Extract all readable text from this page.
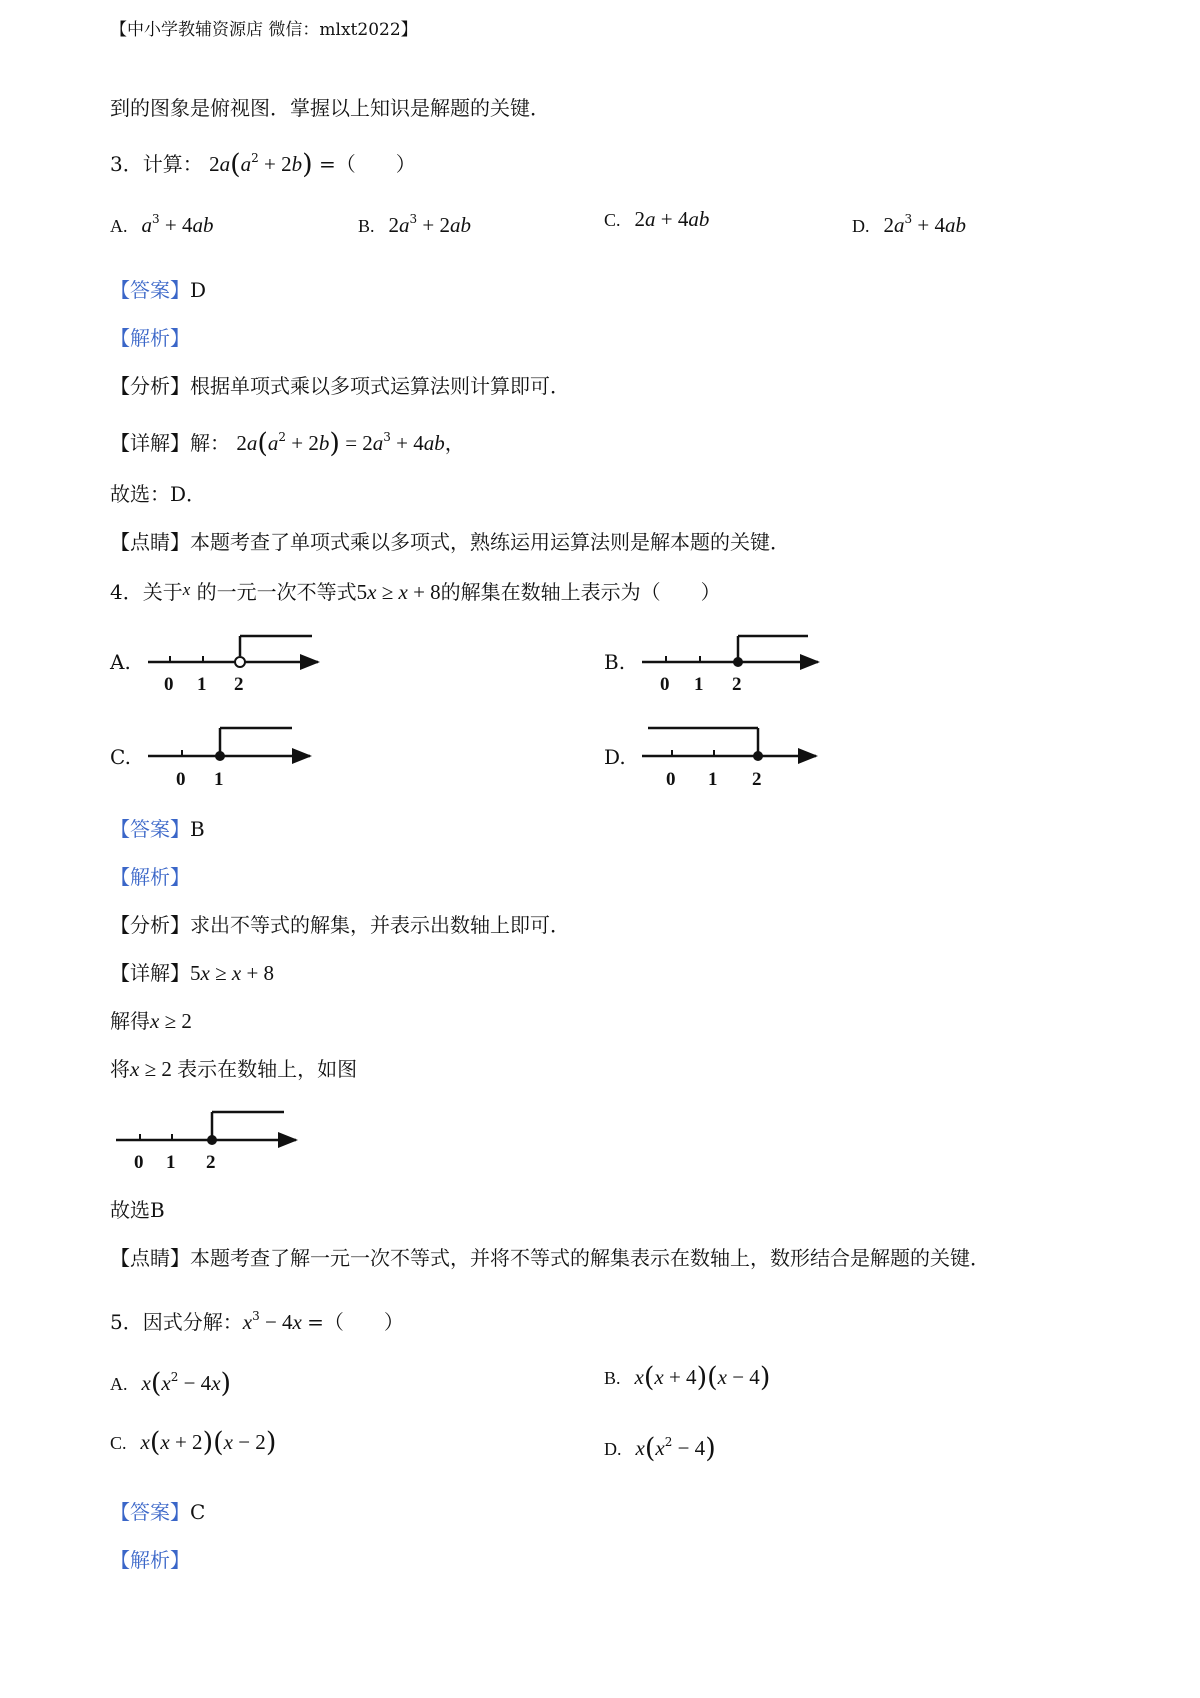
【中小学教辅资源店 微信：mlxt2022】
到的图象是俯视图．掌握以上知识是解题的关键．
3．计算： $2a(a^2 + 2b)$ =（　　）
A. $a^3 + 4ab$	B. $2a^3 + 2ab$	C. 2a + 4ab	D. $2a^3 + 4ab$
【答案】D
【解析】
【分析】根据单项式乘以多项式运算法则计算即可．
【详解】解： $2a(a^2 + 2b) = 2a^3 + 4ab$，
故选：D．
【点睛】本题考查了单项式乘以多项式，熟练运用运算法则是解本题的关键．
4．关于$^x$ 的一元一次不等式5x ≥ x + 8的解集在数轴上表示为（　　）
A.
0 1 2	0 1 2
0 1	0 1 2
0 1 2
B.
C.	D.
【答案】B
【解析】
【分析】求出不等式的解集，并表示出数轴上即可．
【详解】5x ≥ x + 8
解得x ≥ 2
将x ≥ 2 表示在数轴上，如图
故选B
【点睛】本题考查了解一元一次不等式，并将不等式的解集表示在数轴上，数形结合是解题的关键．
5．因式分解：$x^3 - 4x$ =（　　）
A. $x(x^2 - 4x)$	B. x(x + 4)(x − 4)
C. x(x + 2)(x − 2)	D. $x(x^2 - 4)$
【答案】C
【解析】
